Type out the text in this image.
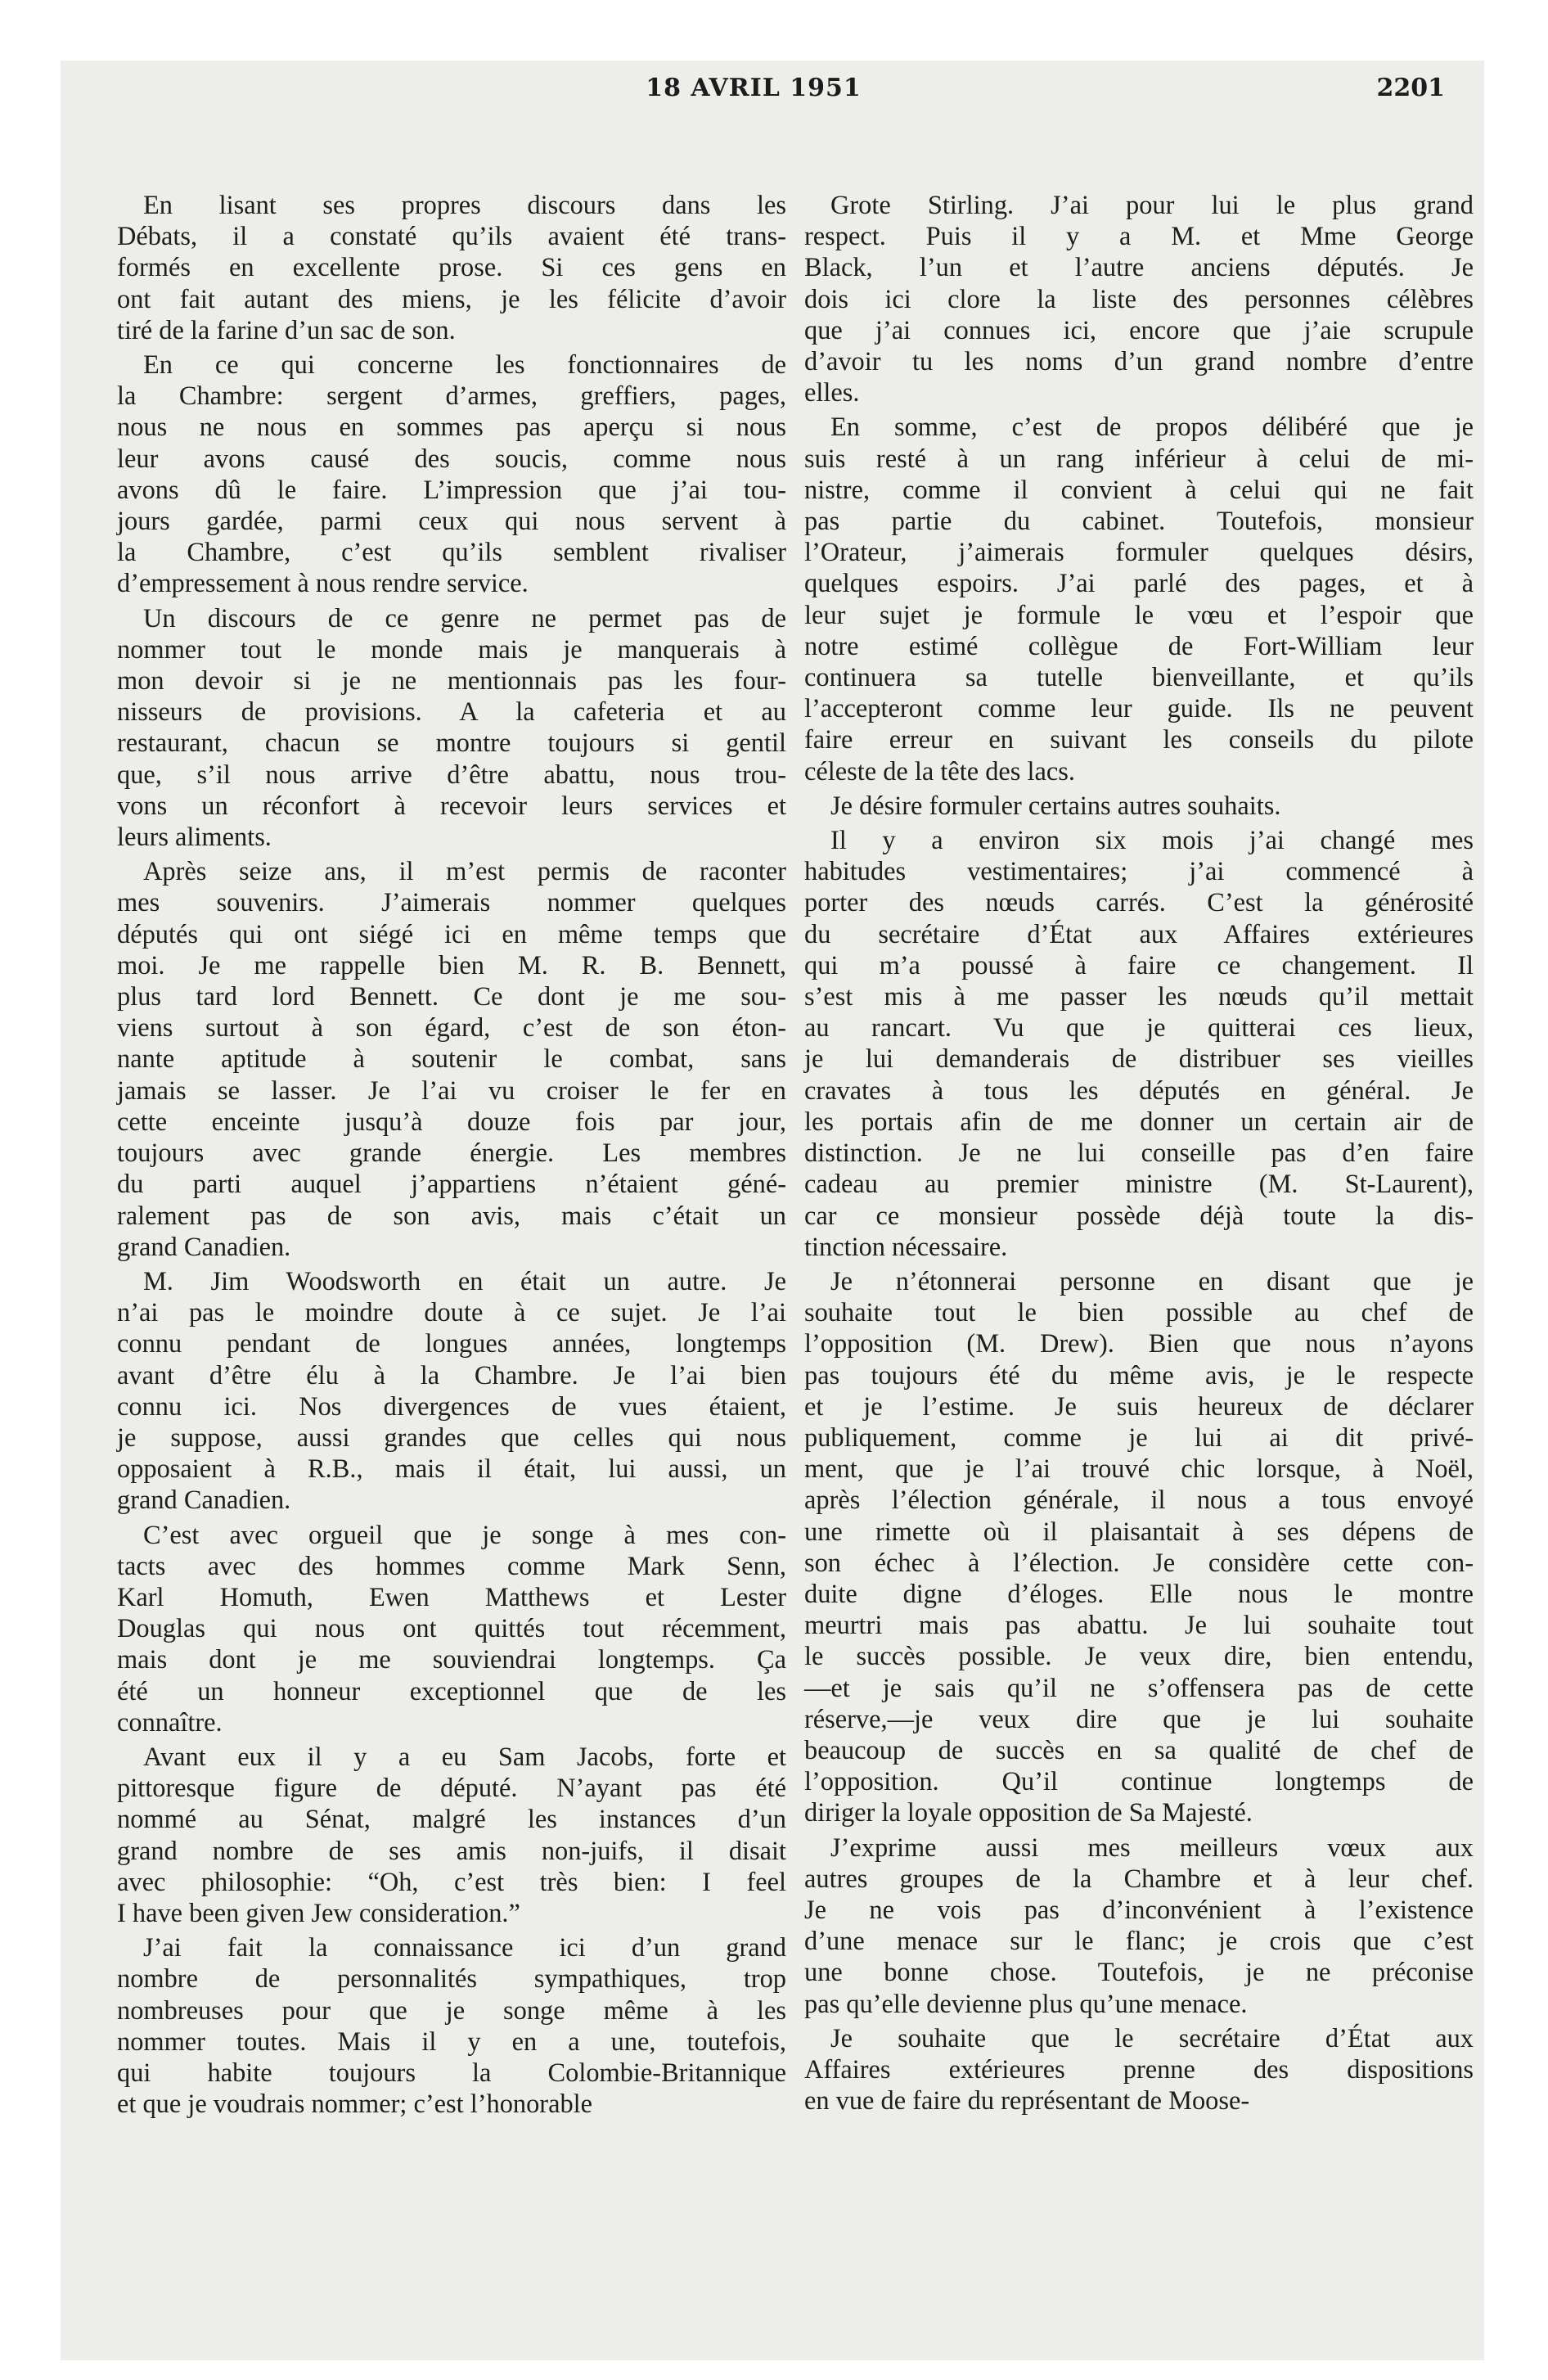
18 AVRIL 1951	2201

En lisant ses propres discours dans les
Débats, il a constaté qu’ils avaient été trans-
formés en excellente prose. Si ces gens en
ont fait autant des miens, je les félicite d’avoir
tiré de la farine d’un sac de son.

En ce qui concerne les fonctionnaires de
la Chambre: sergent d’armes, greffiers, pages,
nous ne nous en sommes pas aperçu si nous
leur avons causé des soucis, comme nous
avons dû le faire. L’impression que j’ai tou-
jours gardée, parmi ceux qui nous servent à
la Chambre, c’est qu’ils semblent rivaliser
d’empressement à nous rendre service.

Un discours de ce genre ne permet pas de
nommer tout le monde mais je manquerais à
mon devoir si je ne mentionnais pas les four-
nisseurs de provisions. A la cafeteria et au
restaurant, chacun se montre toujours si gentil
que, s’il nous arrive d’être abattu, nous trou-
vons un réconfort à recevoir leurs services et
leurs aliments.

Après seize ans, il m’est permis de raconter
mes souvenirs. J’aimerais nommer quelques
députés qui ont siégé ici en même temps que
moi. Je me rappelle bien M. R. B. Bennett,
plus tard lord Bennett. Ce dont je me sou-
viens surtout à son égard, c’est de son éton-
nante aptitude à soutenir le combat, sans
jamais se lasser. Je l’ai vu croiser le fer en
cette enceinte jusqu’à douze fois par jour,
toujours avec grande énergie. Les membres
du parti auquel j’appartiens n’étaient géné-
ralement pas de son avis, mais c’était un
grand Canadien.

M. Jim Woodsworth en était un autre. Je
n’ai pas le moindre doute à ce sujet. Je l’ai
connu pendant de longues années, longtemps
avant d’être élu à la Chambre. Je l’ai bien
connu ici. Nos divergences de vues étaient,
je suppose, aussi grandes que celles qui nous
opposaient à R.B., mais il était, lui aussi, un
grand Canadien.

C’est avec orgueil que je songe à mes con-
tacts avec des hommes comme Mark Senn,
Karl Homuth, Ewen Matthews et Lester
Douglas qui nous ont quittés tout récemment,
mais dont je me souviendrai longtemps. Ça
été un honneur exceptionnel que de les
connaître.

Avant eux il y a eu Sam Jacobs, forte et
pittoresque figure de député. N’ayant pas été
nommé au Sénat, malgré les instances d’un
grand nombre de ses amis non-juifs, il disait
avec philosophie: “Oh, c’est très bien: I feel
I have been given Jew consideration.”

J’ai fait la connaissance ici d’un grand
nombre de personnalités sympathiques, trop
nombreuses pour que je songe même à les
nommer toutes. Mais il y en a une, toutefois,
qui habite toujours la Colombie-Britannique
et que je voudrais nommer; c’est l’honorable

Grote Stirling. J’ai pour lui le plus grand
respect. Puis il y a M. et Mme George
Black, l’un et l’autre anciens députés. Je
dois ici clore la liste des personnes célèbres
que j’ai connues ici, encore que j’aie scrupule
d’avoir tu les noms d’un grand nombre d’entre
elles.

En somme, c’est de propos délibéré que je
suis resté à un rang inférieur à celui de mi-
nistre, comme il convient à celui qui ne fait
pas partie du cabinet. Toutefois, monsieur
l’Orateur, j’aimerais formuler quelques désirs,
quelques espoirs. J’ai parlé des pages, et à
leur sujet je formule le vœu et l’espoir que
notre estimé collègue de Fort-William leur
continuera sa tutelle bienveillante, et qu’ils
l’accepteront comme leur guide. Ils ne peuvent
faire erreur en suivant les conseils du pilote
céleste de la tête des lacs.

Je désire formuler certains autres souhaits.

Il y a environ six mois j’ai changé mes
habitudes vestimentaires; j’ai commencé à
porter des nœuds carrés. C’est la générosité
du secrétaire d’État aux Affaires extérieures
qui m’a poussé à faire ce changement. Il
s’est mis à me passer les nœuds qu’il mettait
au rancart. Vu que je quitterai ces lieux,
je lui demanderais de distribuer ses vieilles
cravates à tous les députés en général. Je
les portais afin de me donner un certain air de
distinction. Je ne lui conseille pas d’en faire
cadeau au premier ministre (M. St-Laurent),
car ce monsieur possède déjà toute la dis-
tinction nécessaire.

Je n’étonnerai personne en disant que je
souhaite tout le bien possible au chef de
l’opposition (M. Drew). Bien que nous n’ayons
pas toujours été du même avis, je le respecte
et je l’estime. Je suis heureux de déclarer
publiquement, comme je lui ai dit privé-
ment, que je l’ai trouvé chic lorsque, à Noël,
après l’élection générale, il nous a tous envoyé
une rimette où il plaisantait à ses dépens de
son échec à l’élection. Je considère cette con-
duite digne d’éloges. Elle nous le montre
meurtri mais pas abattu. Je lui souhaite tout
le succès possible. Je veux dire, bien entendu,
—et je sais qu’il ne s’offensera pas de cette
réserve,—je veux dire que je lui souhaite
beaucoup de succès en sa qualité de chef de
l’opposition. Qu’il continue longtemps de
diriger la loyale opposition de Sa Majesté.

J’exprime aussi mes meilleurs vœux aux
autres groupes de la Chambre et à leur chef.
Je ne vois pas d’inconvénient à l’existence
d’une menace sur le flanc; je crois que c’est
une bonne chose. Toutefois, je ne préconise
pas qu’elle devienne plus qu’une menace.

Je souhaite que le secrétaire d’État aux
Affaires extérieures prenne des dispositions
en vue de faire du représentant de Moose-
